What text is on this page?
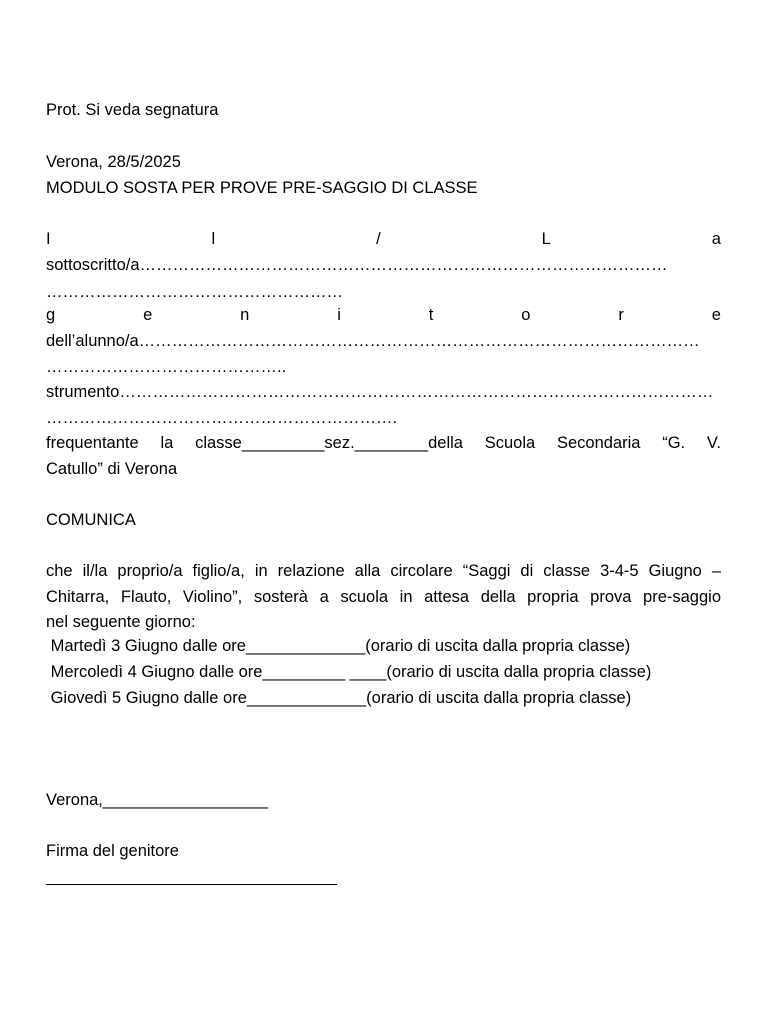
Prot. Si veda segnatura
Verona, 28/5/2025
MODULO SOSTA PER PROVE PRE-SAGGIO DI CLASSE
I	l	/	L	a
sottoscritto/a ……………………………………………………………………………………
………………………………………………
g	e	n	i	t	o	r	e
dell’alunno/a …………………………………………………………………………………………
……………………………………..
strumento ………………………………………………………………………………………………
……………………………………………………….
frequentante la classe_________sez.________della Scuola Secondaria “G. V.
Catullo” di Verona
COMUNICA
che il/la proprio/a figlio/a, in relazione alla circolare “Saggi di classe 3-4-5 Giugno –
Chitarra, Flauto, Violino”, sosterà a scuola in attesa della propria prova pre-saggio
nel seguente giorno:
Martedì 3 Giugno dalle ore_____________(orario di uscita dalla propria classe)
Mercoledì 4 Giugno dalle ore_________ ____(orario di uscita dalla propria classe)
Giovedì 5 Giugno dalle ore_____________(orario di uscita dalla propria classe)
Verona,__________________
Firma del genitore
